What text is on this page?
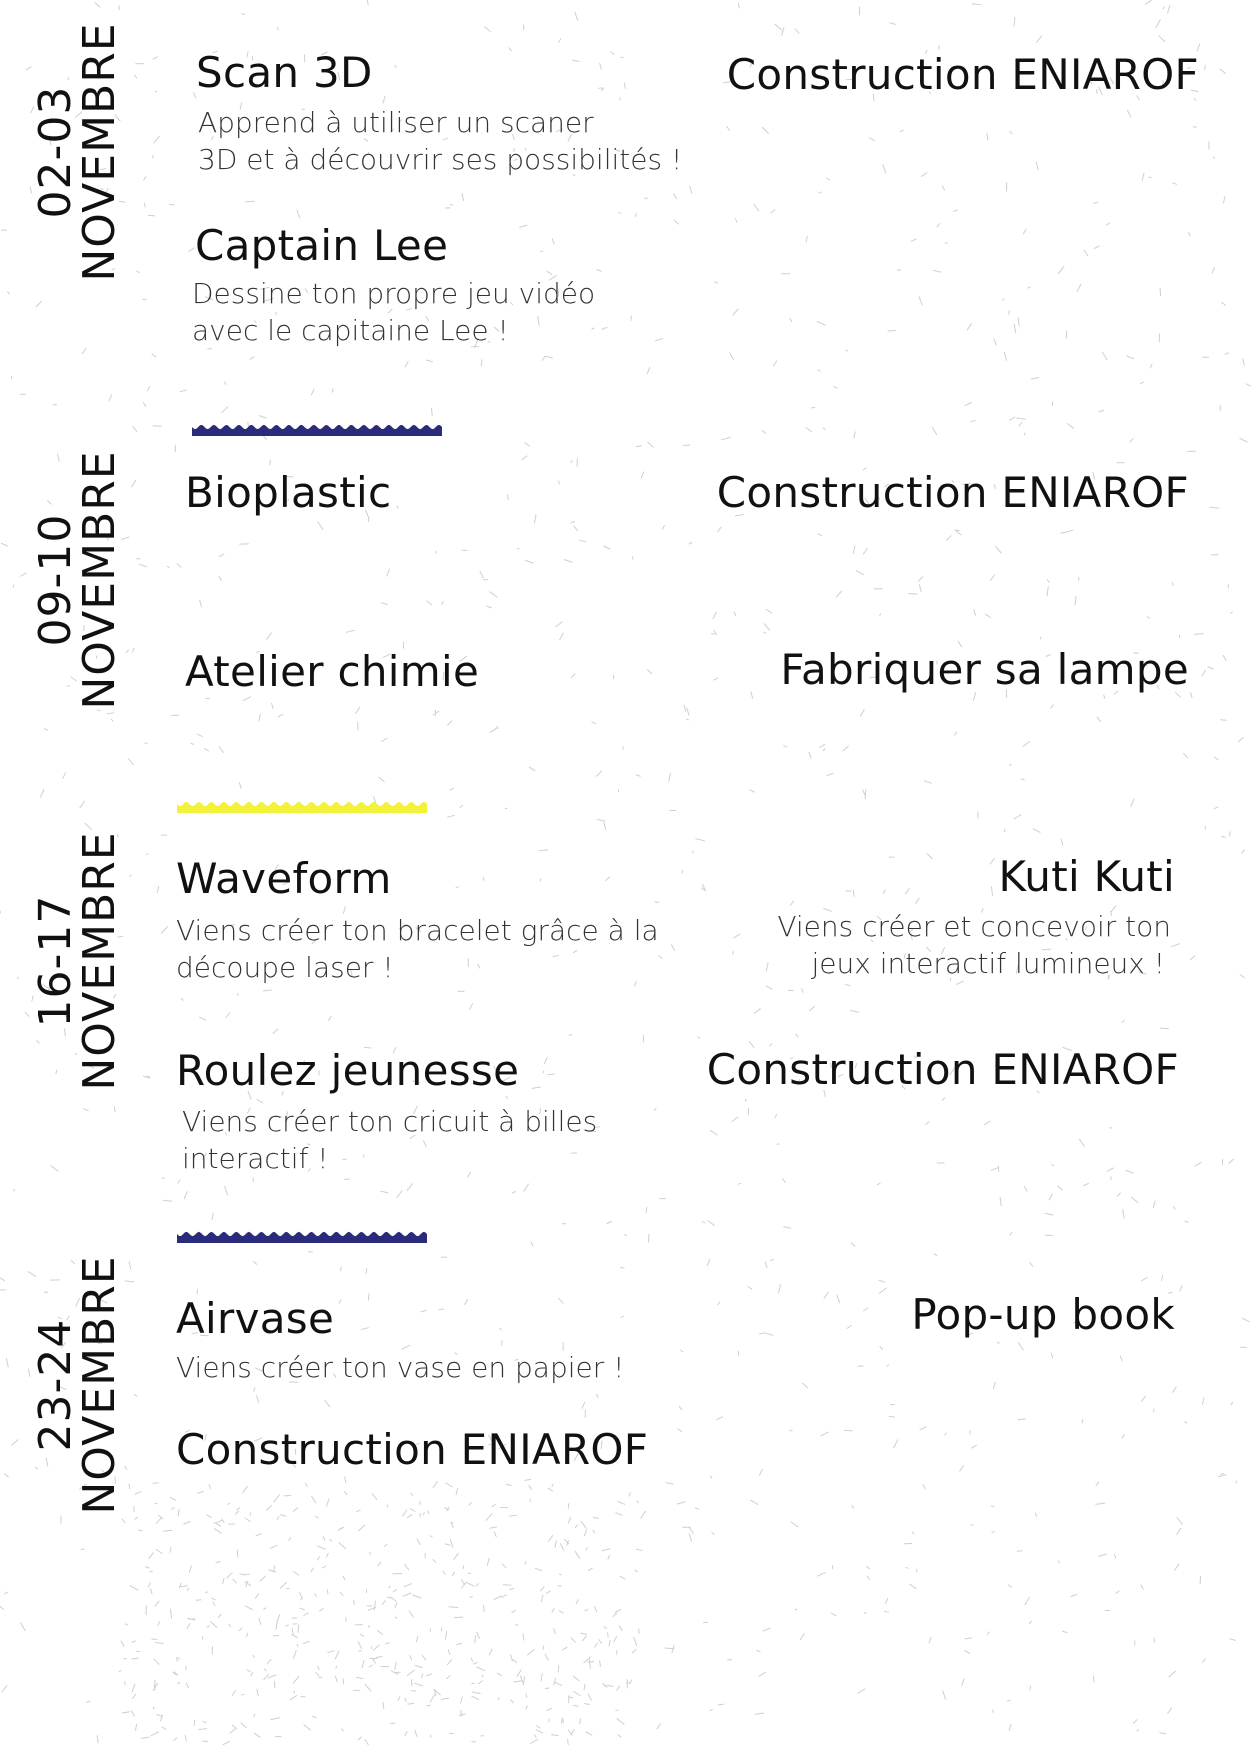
02-03
NOVEMBRE Scan 3D
Apprend à utiliser un scaner
3D et à découvrir ses possibilités !
Captain Lee
Dessine ton propre jeu vidéo
avec le capitaine Lee !
Construction ENIAROF
09-10
NOVEMBRE Bioplastic
Atelier chimie
Construction ENIAROF
Fabriquer sa lampe
16-17
NOVEMBRE Waveform
Viens créer ton bracelet grâce à la
découpe laser !
Roulez jeunesse
Viens créer ton cricuit à billes
interactif !
Kuti Kuti
Viens créer et concevoir ton
jeux interactif lumineux !
Construction ENIAROF
23-24
NOVEMBRE Airvase
Viens créer ton vase en papier !
Construction ENIAROF
Pop-up book
